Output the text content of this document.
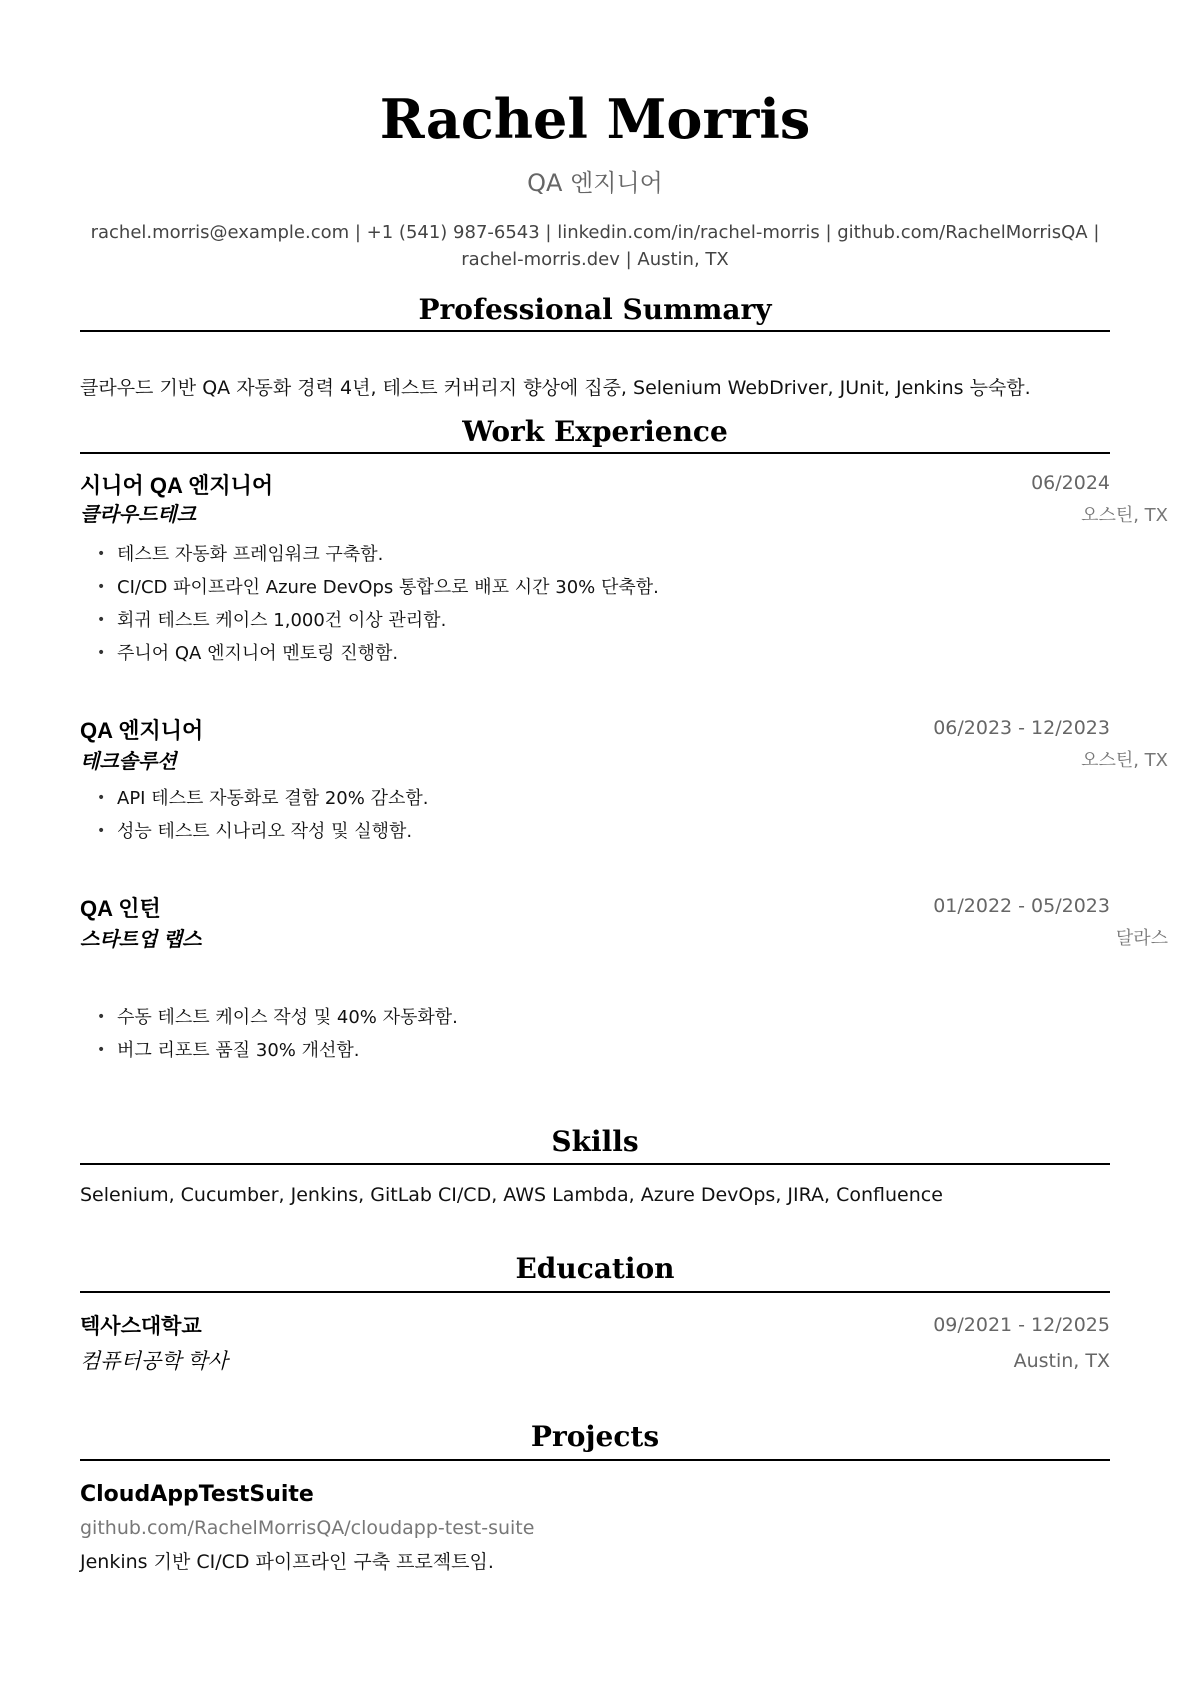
Rachel Morris
QA 엔지니어
rachel.morris@example.com | +1 (541) 987-6543 | linkedin.com/in/rachel-morris | github.com/RachelMorrisQA | rachel-morris.dev | Austin, TX
Professional Summary
클라우드 기반 QA 자동화 경력 4년, 테스트 커버리지 향상에 집중, Selenium WebDriver, JUnit, Jenkins 능숙함.
Work Experience
시니어 QA 엔지니어	06/2024
클라우드테크	오스틴, TX
• 테스트 자동화 프레임워크 구축함.
• CI/CD 파이프라인 Azure DevOps 통합으로 배포 시간 30% 단축함.
• 회귀 테스트 케이스 1,000건 이상 관리함.
• 주니어 QA 엔지니어 멘토링 진행함.
QA 엔지니어	06/2023 - 12/2023
테크솔루션	오스틴, TX
• API 테스트 자동화로 결함 20% 감소함.
• 성능 테스트 시나리오 작성 및 실행함.
QA 인턴	01/2022 - 05/2023
스타트업 랩스	달라스
• 수동 테스트 케이스 작성 및 40% 자동화함.
• 버그 리포트 품질 30% 개선함.
Skills
Selenium, Cucumber, Jenkins, GitLab CI/CD, AWS Lambda, Azure DevOps, JIRA, Confluence
Education
텍사스대학교	09/2021 - 12/2025
컴퓨터공학 학사	Austin, TX
Projects
CloudAppTestSuite
github.com/RachelMorrisQA/cloudapp-test-suite
Jenkins 기반 CI/CD 파이프라인 구축 프로젝트임.
